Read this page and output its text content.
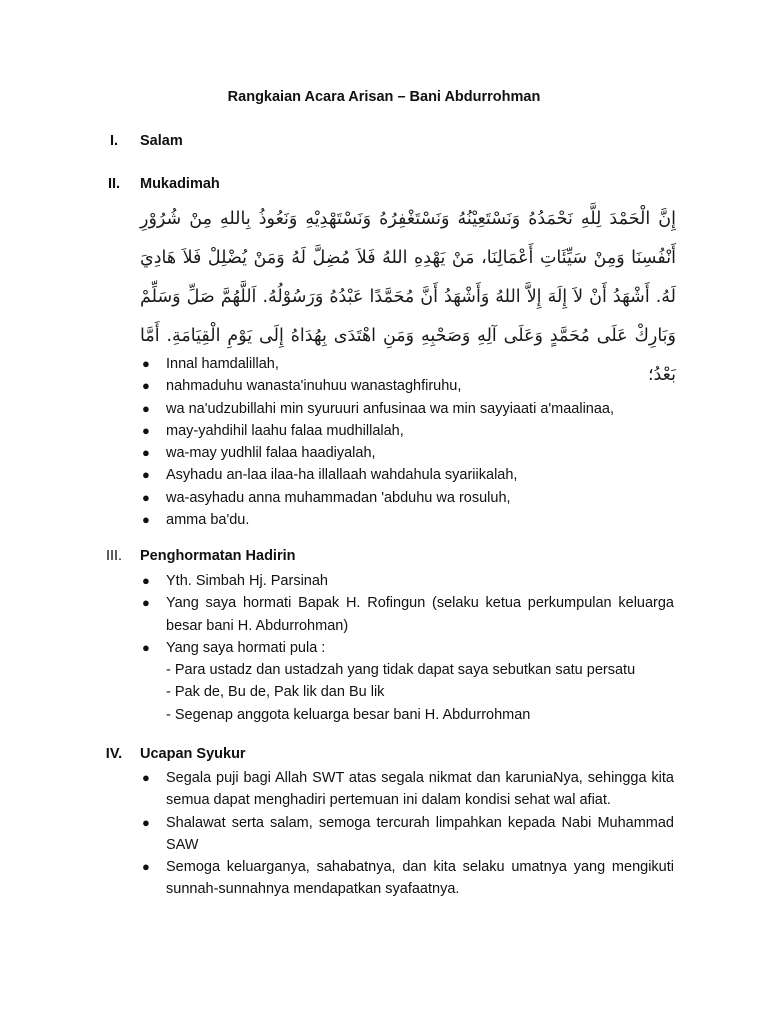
Rangkaian Acara Arisan – Bani Abdurrohman
I.	Salam
II.	Mukadimah
إِنَّ الْحَمْدَ لِلَّهِ نَحْمَدُهُ وَنَسْتَعِيْنُهُ وَنَسْتَغْفِرُهُ وَنَسْتَهْدِيْهِ وَنَعُوذُ بِاللهِ مِنْ شُرُوْرِ أَنْفُسِنَا وَمِنْ سَيِّئَاتِ أَعْمَالِنَا، مَنْ يَهْدِهِ اللهُ فَلاَ مُضِلَّ لَهُ وَمَنْ يُضْلِلْ فَلاَ هَادِيَ لَهُ. أَشْهَدُ أَنْ لاَ إِلَهَ إِلاَّ اللهُ وَأَشْهَدُ أَنَّ مُحَمَّدًا عَبْدُهُ وَرَسُوْلُهُ. اَللَّهُمَّ صَلِّ وَسَلِّمْ وَبَارِكْ عَلَى مُحَمَّدٍ وَعَلَى آلِهِ وَصَحْبِهِ وَمَنِ اهْتَدَى بِهُدَاهُ إِلَى يَوْمِ الْقِيَامَةِ. أَمَّا بَعْدُ؛
● Innal hamdalillah,
● nahmaduhu wanasta'inuhuu wanastaghfiruhu,
● wa na'udzubillahi min syuruuri anfusinaa wa min sayyiaati a'maalinaa,
● may-yahdihil laahu falaa mudhillalah,
● wa-may yudhlil falaa haadiyalah,
● Asyhadu an-laa ilaa-ha illallaah wahdahula syariikalah,
● wa-asyhadu anna muhammadan 'abduhu wa rosuluh,
● amma ba'du.
III.	Penghormatan Hadirin
● Yth. Simbah Hj. Parsinah
● Yang saya hormati Bapak H. Rofingun (selaku ketua perkumpulan keluarga besar bani H. Abdurrohman)
● Yang saya hormati pula :
- Para ustadz dan ustadzah yang tidak dapat saya sebutkan satu persatu
- Pak de, Bu de, Pak lik dan Bu lik
- Segenap anggota keluarga besar bani H. Abdurrohman
IV.	Ucapan Syukur
● Segala puji bagi Allah SWT atas segala nikmat dan karuniaNya, sehingga kita semua dapat menghadiri pertemuan ini dalam kondisi sehat wal afiat.
● Shalawat serta salam, semoga tercurah limpahkan kepada Nabi Muhammad SAW
● Semoga keluarganya, sahabatnya, dan kita selaku umatnya yang mengikuti sunnah-sunnahnya mendapatkan syafaatnya.
